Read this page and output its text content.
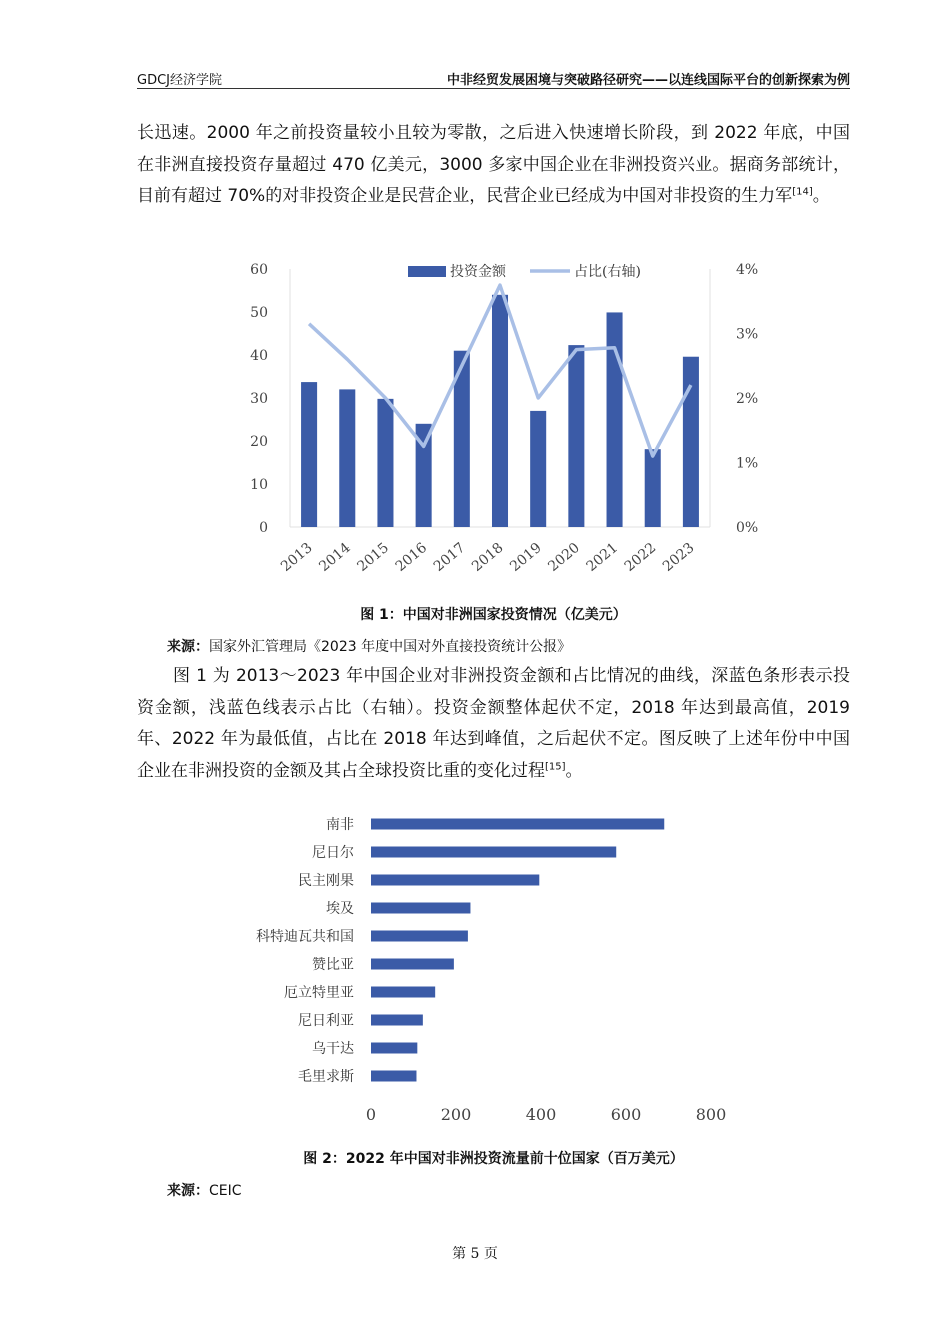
GDCJ经济学院	中非经贸发展困境与突破路径研究——以连线国际平台的创新探索为例

长迅速。2000 年之前投资量较小且较为零散，之后进入快速增长阶段，到 2022 年底，中国在非洲直接投资存量超过 470 亿美元，3000 多家中国企业在非洲投资兴业。据商务部统计，目前有超过 70%的对非投资企业是民营企业，民营企业已经成为中国对非投资的生力军[14]。

0
10
20
30
40
50
60
0%
1%
2%
3%
4%
2013 2014 2015 2016 2017 2018 2019 2020 2021 2022 2023
投资金额	占比(右轴)
图 1：中国对非洲国家投资情况（亿美元）
来源：国家外汇管理局《2023 年度中国对外直接投资统计公报》

图 1 为 2013～2023 年中国企业对非洲投资金额和占比情况的曲线，深蓝色条形表示投资金额，浅蓝色线表示占比（右轴）。投资金额整体起伏不定，2018 年达到最高值，2019 年、2022 年为最低值，占比在 2018 年达到峰值，之后起伏不定。图反映了上述年份中中国企业在非洲投资的金额及其占全球投资比重的变化过程[15]。

南非
尼日尔
民主刚果
埃及
科特迪瓦共和国
赞比亚
厄立特里亚
尼日利亚
乌干达
毛里求斯
0	200	400	600	800
图 2：2022 年中国对非洲投资流量前十位国家（百万美元）
来源：CEIC
第 5 页
